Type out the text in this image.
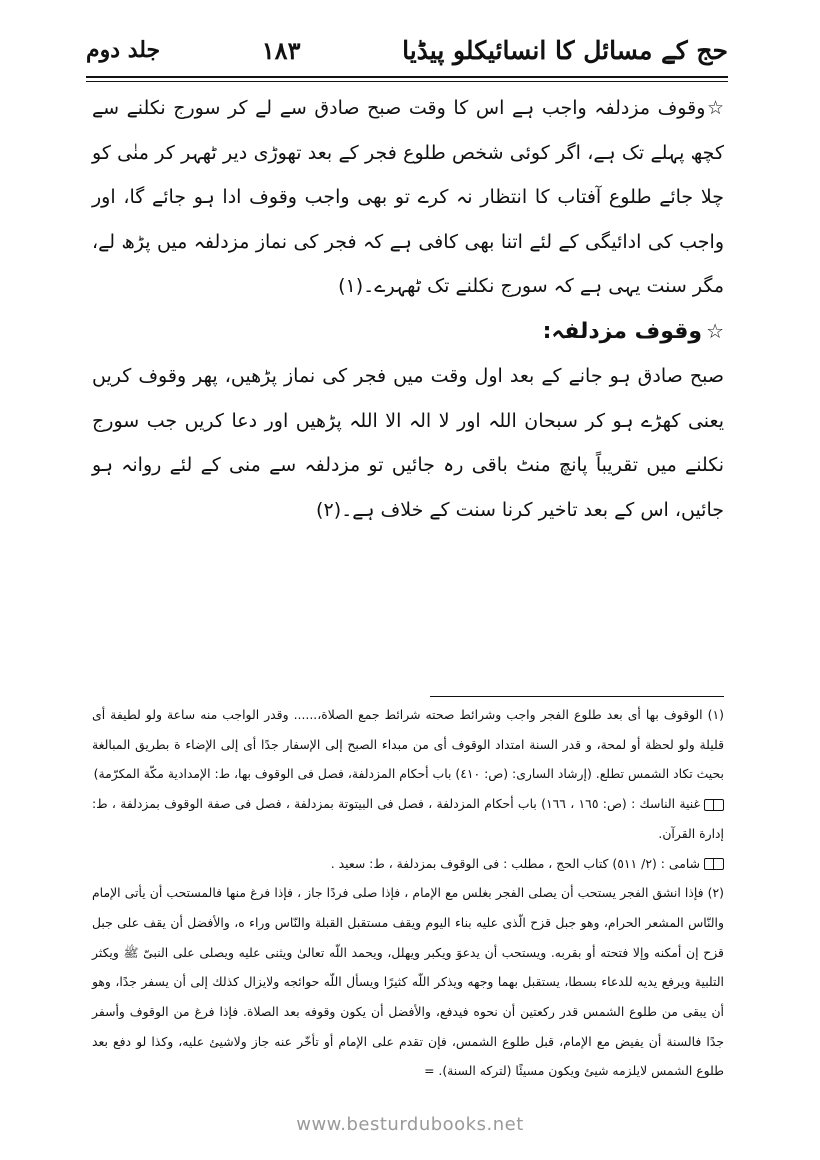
جلد دوم	۱۸۳	حج کے مسائل کا انسائیکلو پیڈیا

☆وقوف مزدلفہ واجب ہے اس کا وقت صبح صادق سے لے کر سورج نکلنے سے کچھ پہلے تک ہے، اگر کوئی شخص طلوع فجر کے بعد تھوڑی دیر ٹھہر کر منٰی کو چلا جائے طلوع آفتاب کا انتظار نہ کرے تو بھی واجب وقوف ادا ہو جائے گا، اور واجب کی ادائیگی کے لئے اتنا بھی کافی ہے کہ فجر کی نماز مزدلفہ میں پڑھ لے، مگر سنت یہی ہے کہ سورج نکلنے تک ٹھہرے۔(۱)

☆وقوف مزدلفہ:

صبح صادق ہو جانے کے بعد اول وقت میں فجر کی نماز پڑھیں، پھر وقوف کریں یعنی کھڑے ہو کر سبحان اللہ اور لا الہ الا اللہ پڑھیں اور دعا کریں جب سورج نکلنے میں تقریباً پانچ منٹ باقی رہ جائیں تو مزدلفہ سے منی کے لئے روانہ ہو جائیں، اس کے بعد تاخیر کرنا سنت کے خلاف ہے۔(۲)

(١) الوقوف بها أى بعد طلوع الفجر واجب وشرائط صحته شرائط جمع الصلاة،...... وقدر الواجب منه ساعة ولو لطيفة أى قليلة ولو لحظة أو لمحة، و قدر السنة امتداد الوقوف أى من مبداء الصبح إلى الإسفار جدًا أى إلى الإضاء ة بطريق المبالغة بحيث تكاد الشمس تطلع. (إرشاد السارى: (ص: ٤١٠) باب أحكام المزدلفة، فصل فى الوقوف بها، ط: الإمدادية مكّة المكرّمة)

غنية الناسك : (ص: ١٦٥ ، ١٦٦) باب أحكام المزدلفة ، فصل فى البيتوتة بمزدلفة ، فصل فى صفة الوقوف بمزدلفة ، ط: إدارة القرآن.

شامى : (٢/ ٥١١) كتاب الحج ، مطلب : فى الوقوف بمزدلفة ، ط: سعيد .

(٢) فإذا انشق الفجر يستحب أن يصلى الفجر بغلس مع الإمام ، فإذا صلى فردًا جاز ، فإذا فرغ منها فالمستحب أن يأتى الإمام والنّاس المشعر الحرام، وهو جبل قزح الّذى عليه بناء اليوم ويقف مستقبل القبلة والنّاس وراء ه، والأفضل أن يقف على جبل قزح إن أمكنه وإلا فتحته أو بقربه. ويستحب أن يدعوَ ويكبر ويهلل، ويحمد اللّه تعالىٰ ويثنى عليه ويصلى على النبىّ ﷺ ويكثر التلبية ويرفع يديه للدعاء بسطا، يستقبل بهما وجهه ويذكر اللّه كثيرًا ويسأل اللّه حوائجه ولايزال كذلك إلى أن يسفر جدًا، وهو أن يبقى من طلوع الشمس قدر ركعتين أن نحوه فيدفع، والأفضل أن يكون وقوفه بعد الصلاة. فإذا فرغ من الوقوف وأسفر جدًا فالسنة أن يفيض مع الإمام، قبل طلوع الشمس، فإن تقدم على الإمام أو تأخّر عنه جاز ولاشيئ عليه، وكذا لو دفع بعد طلوع الشمس لايلزمه شيئ ويكون مسيئًا (لتركه السنة). =

www.besturdubooks.net
